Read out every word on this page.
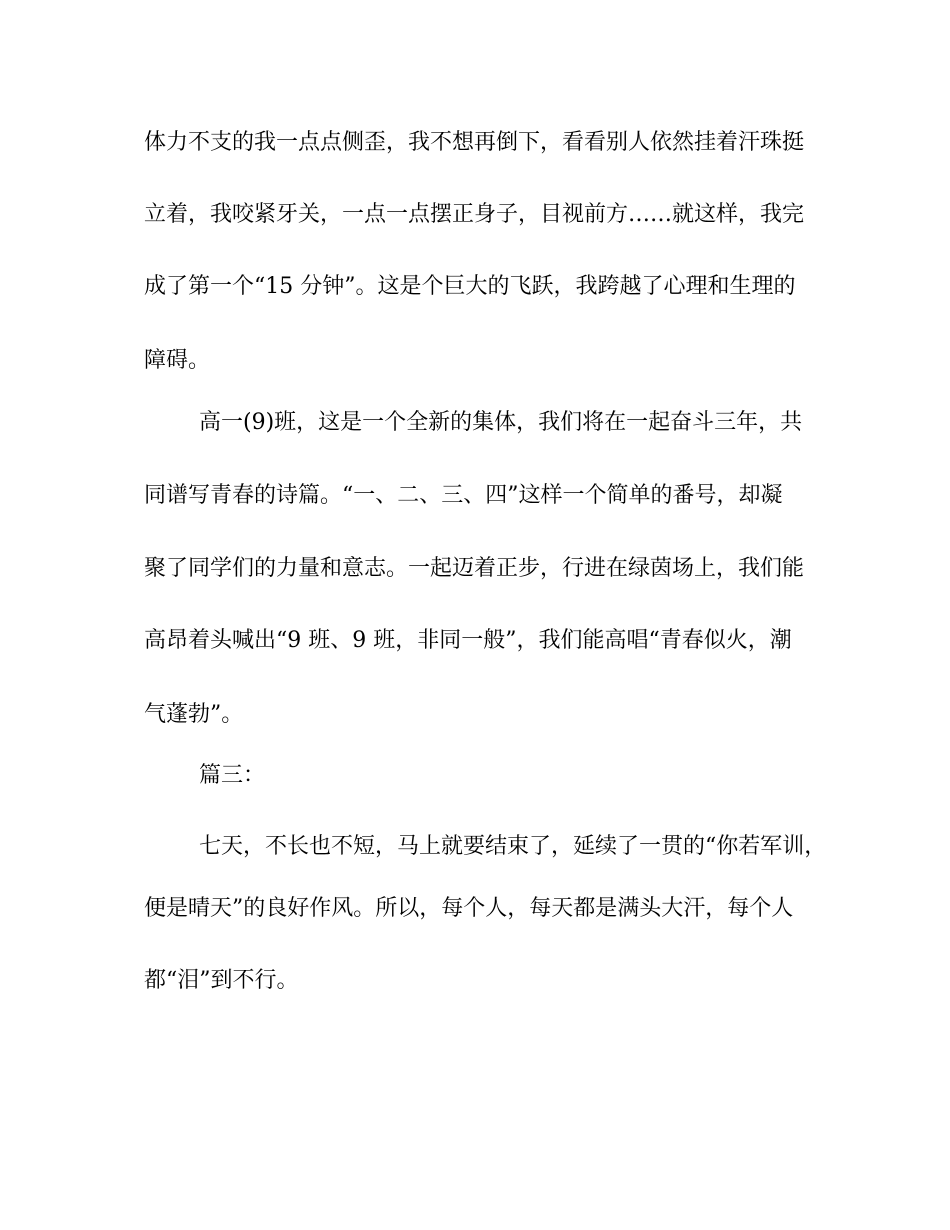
体力不支的我一点点侧歪，我不想再倒下，看看别人依然挂着汗珠挺
立着，我咬紧牙关，一点一点摆正身子，目视前方……就这样，我完
成了第一个“15 分钟”。这是个巨大的飞跃，我跨越了心理和生理的
障碍。
高一(9)班，这是一个全新的集体，我们将在一起奋斗三年，共
同谱写青春的诗篇。“一、二、三、四”这样一个简单的番号，却凝
聚了同学们的力量和意志。一起迈着正步，行进在绿茵场上，我们能
高昂着头喊出“9 班、9 班，非同一般”，我们能高唱“青春似火，潮
气蓬勃”。
篇三：
七天，不长也不短，马上就要结束了，延续了一贯的“你若军训，
便是晴天”的良好作风。所以，每个人，每天都是满头大汗，每个人
都“泪”到不行。
